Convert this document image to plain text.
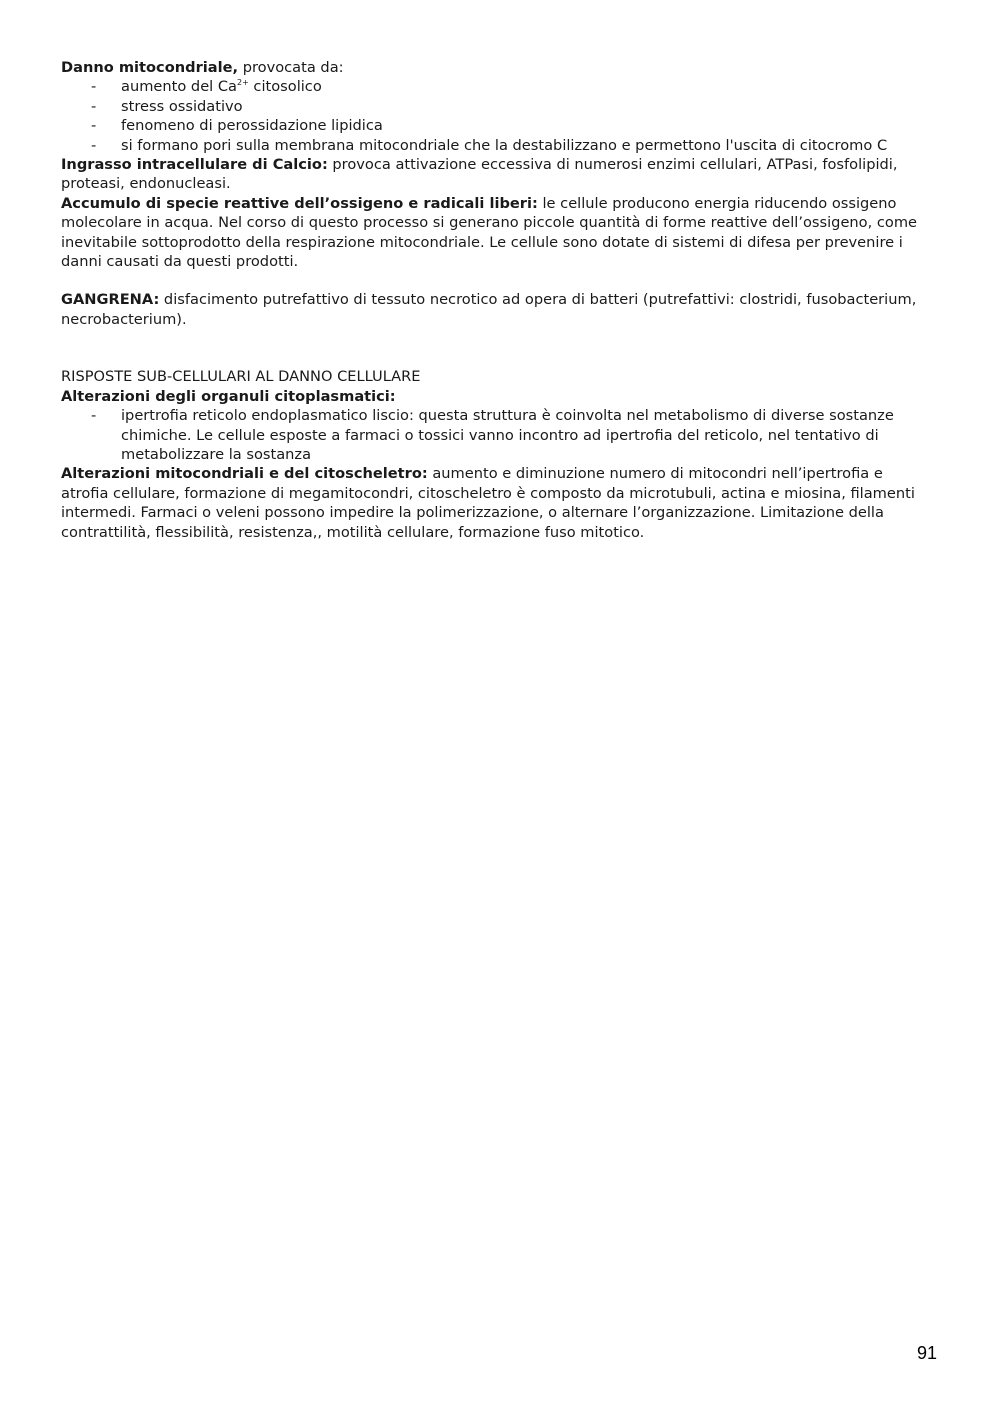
Danno mitocondriale, provocata da:

- aumento del $Ca^{2+}$ citosolico
- stress ossidativo
- fenomeno di perossidazione lipidica
- si formano pori sulla membrana mitocondriale che la destabilizzano e permettono l'uscita di citocromo C

Ingrasso intracellulare di Calcio: provoca attivazione eccessiva di numerosi enzimi cellulari, ATPasi, fosfolipidi, proteasi, endonucleasi.

Accumulo di specie reattive dell’ossigeno e radicali liberi: le cellule producono energia riducendo ossigeno molecolare in acqua. Nel corso di questo processo si generano piccole quantità di forme reattive dell’ossigeno, come inevitabile sottoprodotto della respirazione mitocondriale. Le cellule sono dotate di sistemi di difesa per prevenire i danni causati da questi prodotti.

GANGRENA: disfacimento putrefattivo di tessuto necrotico ad opera di batteri (putrefattivi: clostridi, fusobacterium, necrobacterium).

RISPOSTE SUB-CELLULARI AL DANNO CELLULARE

Alterazioni degli organuli citoplasmatici:

- ipertrofia reticolo endoplasmatico liscio: questa struttura è coinvolta nel metabolismo di diverse sostanze chimiche. Le cellule esposte a farmaci o tossici vanno incontro ad ipertrofia del reticolo, nel tentativo di metabolizzare la sostanza

Alterazioni mitocondriali e del citoscheletro: aumento e diminuzione numero di mitocondri nell’ipertrofia e atrofia cellulare, formazione di megamitocondri, citoscheletro è composto da microtubuli, actina e miosina, filamenti intermedi. Farmaci o veleni possono impedire la polimerizzazione, o alternare l’organizzazione. Limitazione della contrattilità, flessibilità, resistenza,, motilità cellulare, formazione fuso mitotico.

91
